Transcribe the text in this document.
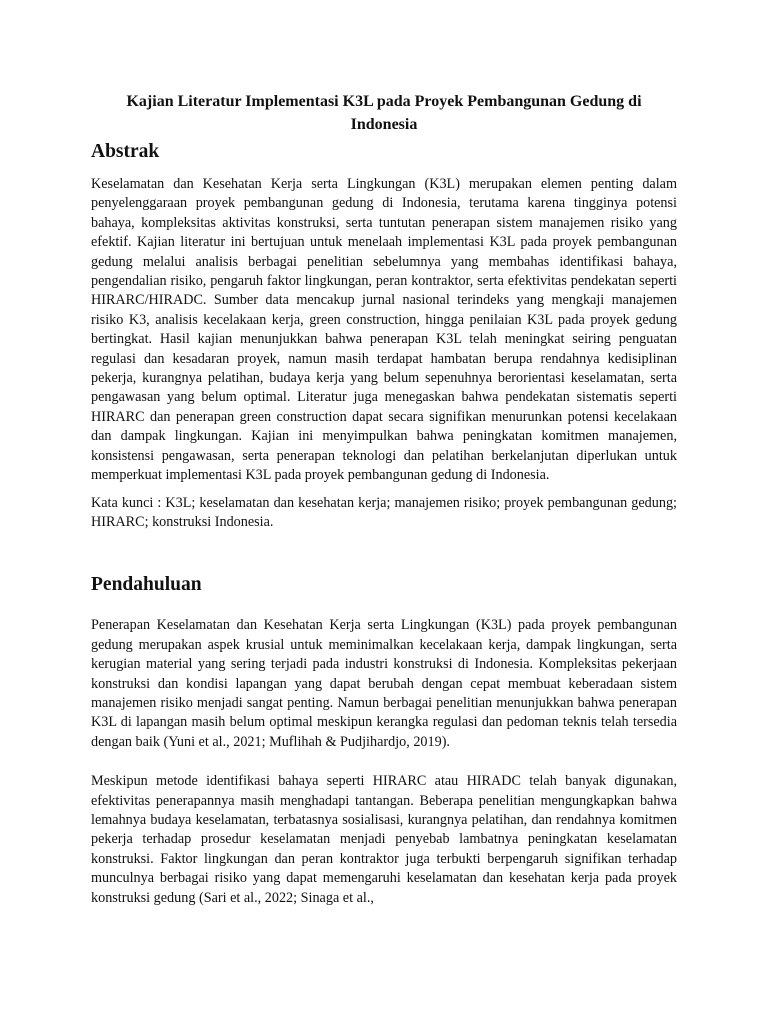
Kajian Literatur Implementasi K3L pada Proyek Pembangunan Gedung di Indonesia
Abstrak

Keselamatan dan Kesehatan Kerja serta Lingkungan (K3L) merupakan elemen penting dalam penyelenggaraan proyek pembangunan gedung di Indonesia, terutama karena tingginya potensi bahaya, kompleksitas aktivitas konstruksi, serta tuntutan penerapan sistem manajemen risiko yang efektif. Kajian literatur ini bertujuan untuk menelaah implementasi K3L pada proyek pembangunan gedung melalui analisis berbagai penelitian sebelumnya yang membahas identifikasi bahaya, pengendalian risiko, pengaruh faktor lingkungan, peran kontraktor, serta efektivitas pendekatan seperti HIRARC/HIRADC. Sumber data mencakup jurnal nasional terindeks yang mengkaji manajemen risiko K3, analisis kecelakaan kerja, green construction, hingga penilaian K3L pada proyek gedung bertingkat. Hasil kajian menunjukkan bahwa penerapan K3L telah meningkat seiring penguatan regulasi dan kesadaran proyek, namun masih terdapat hambatan berupa rendahnya kedisiplinan pekerja, kurangnya pelatihan, budaya kerja yang belum sepenuhnya berorientasi keselamatan, serta pengawasan yang belum optimal. Literatur juga menegaskan bahwa pendekatan sistematis seperti HIRARC dan penerapan green construction dapat secara signifikan menurunkan potensi kecelakaan dan dampak lingkungan. Kajian ini menyimpulkan bahwa peningkatan komitmen manajemen, konsistensi pengawasan, serta penerapan teknologi dan pelatihan berkelanjutan diperlukan untuk memperkuat implementasi K3L pada proyek pembangunan gedung di Indonesia.

Kata kunci : K3L; keselamatan dan kesehatan kerja; manajemen risiko; proyek pembangunan gedung; HIRARC; konstruksi Indonesia.

Pendahuluan

Penerapan Keselamatan dan Kesehatan Kerja serta Lingkungan (K3L) pada proyek pembangunan gedung merupakan aspek krusial untuk meminimalkan kecelakaan kerja, dampak lingkungan, serta kerugian material yang sering terjadi pada industri konstruksi di Indonesia. Kompleksitas pekerjaan konstruksi dan kondisi lapangan yang dapat berubah dengan cepat membuat keberadaan sistem manajemen risiko menjadi sangat penting. Namun berbagai penelitian menunjukkan bahwa penerapan K3L di lapangan masih belum optimal meskipun kerangka regulasi dan pedoman teknis telah tersedia dengan baik (Yuni et al., 2021; Muflihah & Pudjihardjo, 2019).

Meskipun metode identifikasi bahaya seperti HIRARC atau HIRADC telah banyak digunakan, efektivitas penerapannya masih menghadapi tantangan. Beberapa penelitian mengungkapkan bahwa lemahnya budaya keselamatan, terbatasnya sosialisasi, kurangnya pelatihan, dan rendahnya komitmen pekerja terhadap prosedur keselamatan menjadi penyebab lambatnya peningkatan keselamatan konstruksi. Faktor lingkungan dan peran kontraktor juga terbukti berpengaruh signifikan terhadap munculnya berbagai risiko yang dapat memengaruhi keselamatan dan kesehatan kerja pada proyek konstruksi gedung (Sari et al., 2022; Sinaga et al.,
